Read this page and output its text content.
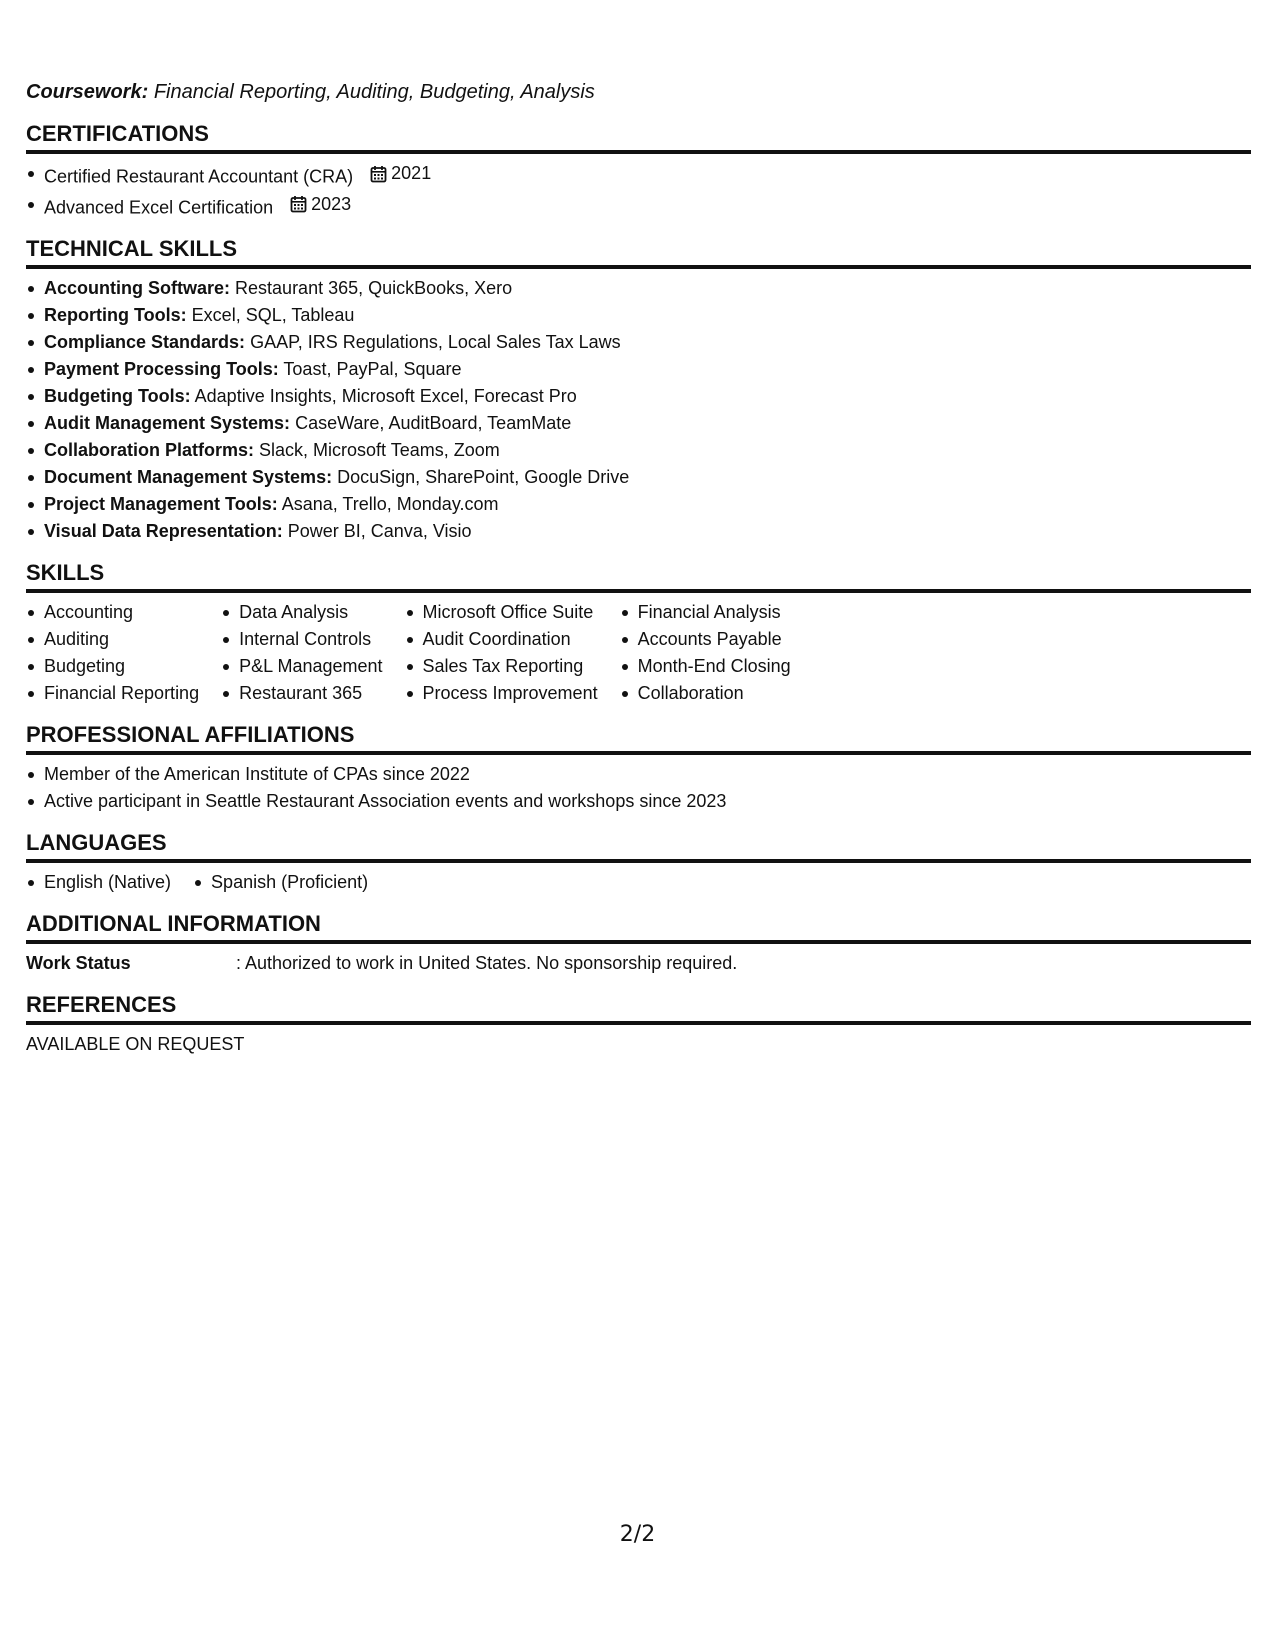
Coursework: Financial Reporting, Auditing, Budgeting, Analysis

CERTIFICATIONS
Certified Restaurant Accountant (CRA) 2021
Advanced Excel Certification 2023
TECHNICAL SKILLS
Accounting Software: Restaurant 365, QuickBooks, Xero
Reporting Tools: Excel, SQL, Tableau
Compliance Standards: GAAP, IRS Regulations, Local Sales Tax Laws
Payment Processing Tools: Toast, PayPal, Square
Budgeting Tools: Adaptive Insights, Microsoft Excel, Forecast Pro
Audit Management Systems: CaseWare, AuditBoard, TeamMate
Collaboration Platforms: Slack, Microsoft Teams, Zoom
Document Management Systems: DocuSign, SharePoint, Google Drive
Project Management Tools: Asana, Trello, Monday.com
Visual Data Representation: Power BI, Canva, Visio
SKILLS
Accounting
Auditing
Budgeting
Financial Reporting
Data Analysis
Internal Controls
P&L Management
Restaurant 365
Microsoft Office Suite
Audit Coordination
Sales Tax Reporting
Process Improvement
Financial Analysis
Accounts Payable
Month-End Closing
Collaboration
PROFESSIONAL AFFILIATIONS
Member of the American Institute of CPAs since 2022
Active participant in Seattle Restaurant Association events and workshops since 2023
LANGUAGES
English (Native)	Spanish (Proficient)
ADDITIONAL INFORMATION
Work Status	: Authorized to work in United States. No sponsorship required.
REFERENCES
AVAILABLE ON REQUEST
2/2
